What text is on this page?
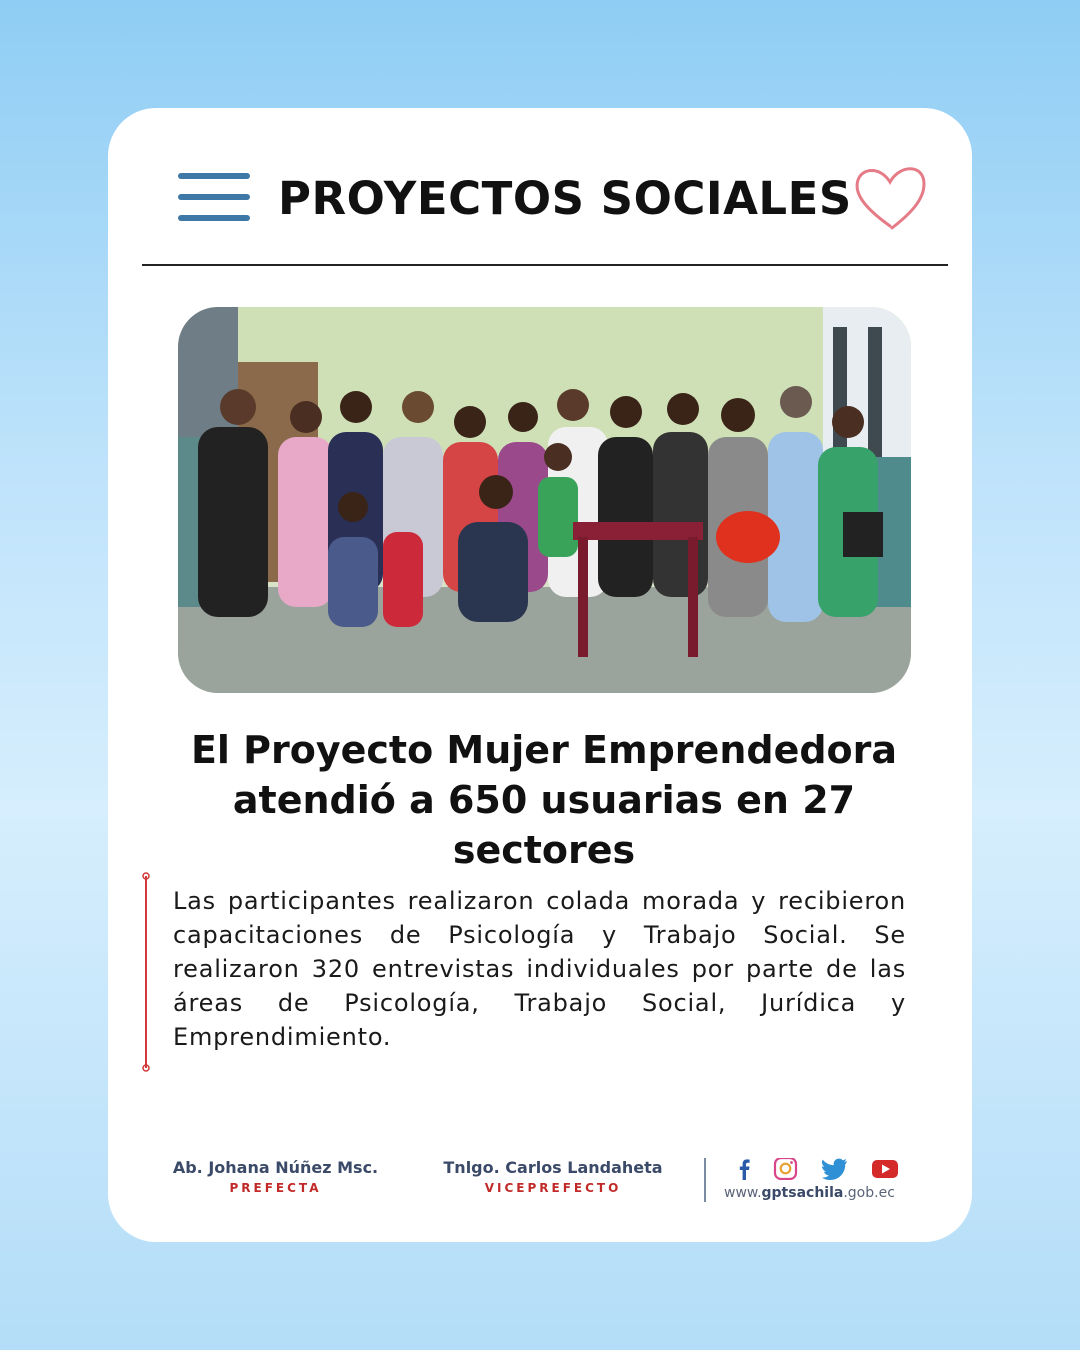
PROYECTOS SOCIALES
El Proyecto Mujer Emprendedora atendió a 650 usuarias en 27 sectores
Las participantes realizaron colada morada y recibieron capacitaciones de Psicología y Trabajo Social. Se realizaron 320 entrevistas individuales por parte de las áreas de Psicología, Trabajo Social, Jurídica y Emprendimiento.
Ab. Johana Núñez Msc.
PREFECTA
Tnlgo. Carlos Landaheta
VICEPREFECTO	www.gptsachila.gob.ec
